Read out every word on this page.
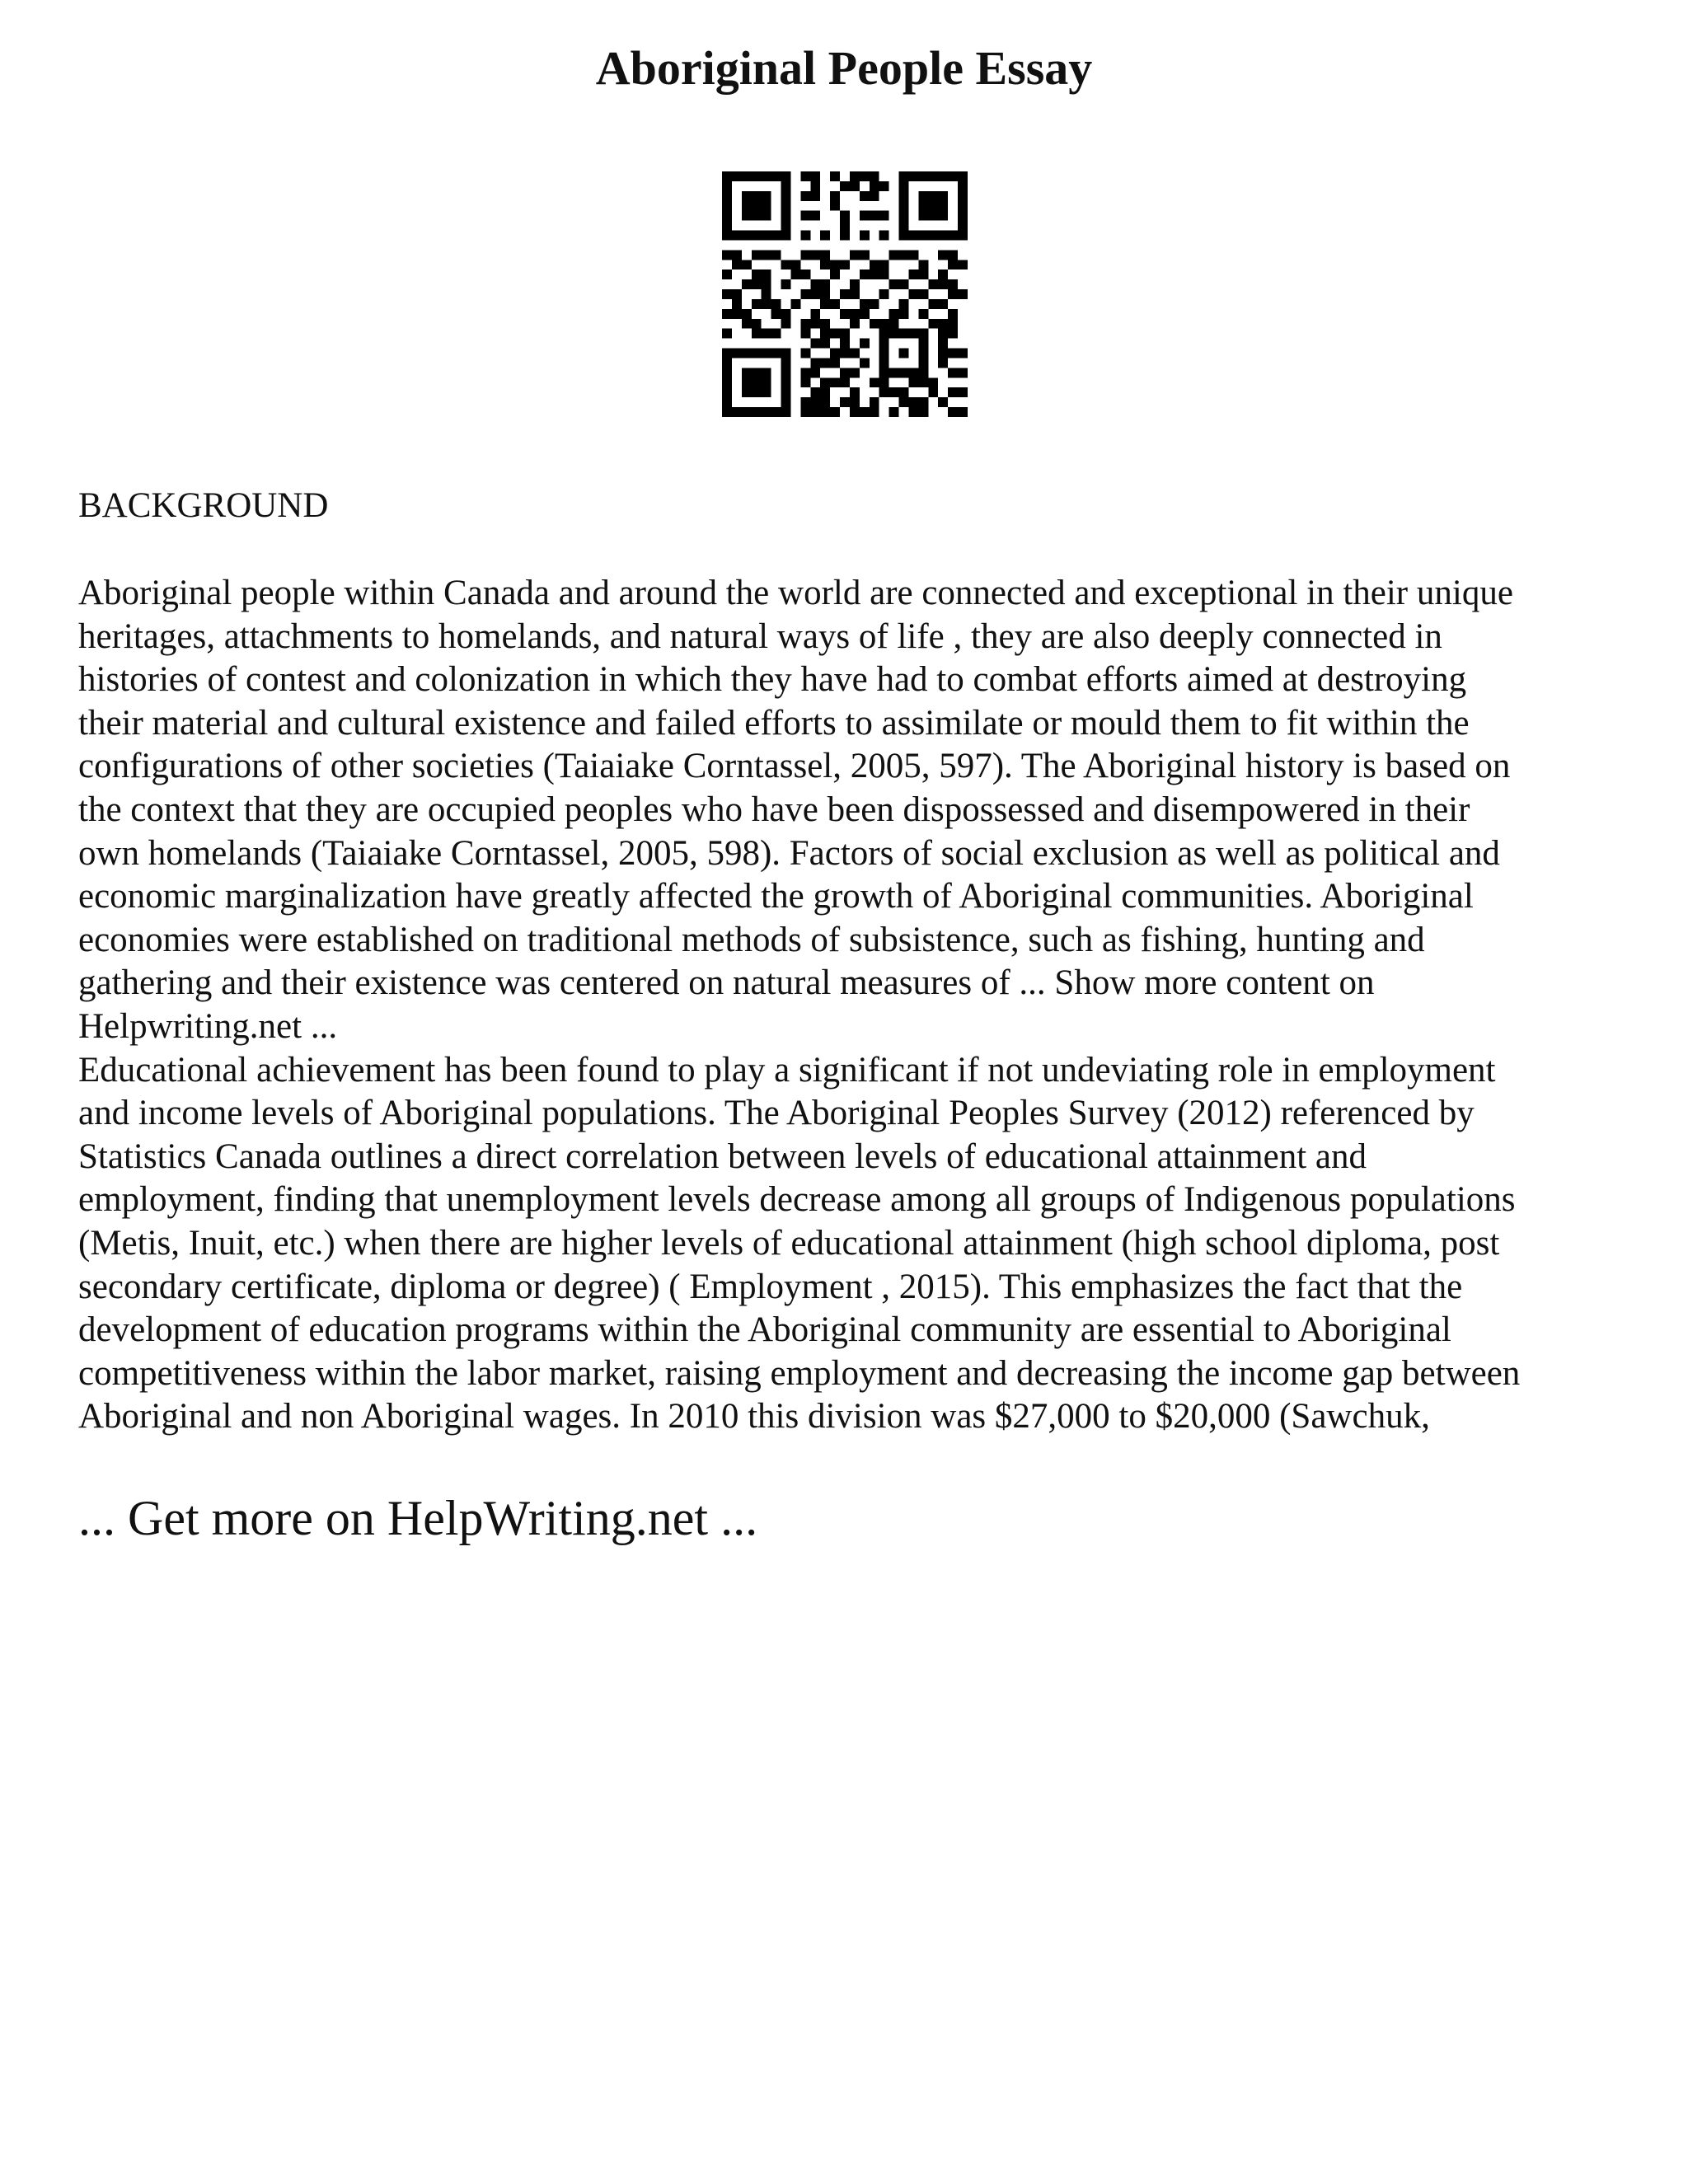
Aboriginal People Essay
BACKGROUND

Aboriginal people within Canada and around the world are connected and exceptional in their unique
heritages, attachments to homelands, and natural ways of life , they are also deeply connected in
histories of contest and colonization in which they have had to combat efforts aimed at destroying
their material and cultural existence and failed efforts to assimilate or mould them to fit within the
configurations of other societies (Taiaiake Corntassel, 2005, 597). The Aboriginal history is based on
the context that they are occupied peoples who have been dispossessed and disempowered in their
own homelands (Taiaiake Corntassel, 2005, 598). Factors of social exclusion as well as political and
economic marginalization have greatly affected the growth of Aboriginal communities. Aboriginal
economies were established on traditional methods of subsistence, such as fishing, hunting and
gathering and their existence was centered on natural measures of ... Show more content on
Helpwriting.net ...

Educational achievement has been found to play a significant if not undeviating role in employment
and income levels of Aboriginal populations. The Aboriginal Peoples Survey (2012) referenced by
Statistics Canada outlines a direct correlation between levels of educational attainment and
employment, finding that unemployment levels decrease among all groups of Indigenous populations
(Metis, Inuit, etc.) when there are higher levels of educational attainment (high school diploma, post
secondary certificate, diploma or degree) ( Employment , 2015). This emphasizes the fact that the
development of education programs within the Aboriginal community are essential to Aboriginal
competitiveness within the labor market, raising employment and decreasing the income gap between
Aboriginal and non Aboriginal wages. In 2010 this division was $27,000 to $20,000 (Sawchuk,

... Get more on HelpWriting.net ...
